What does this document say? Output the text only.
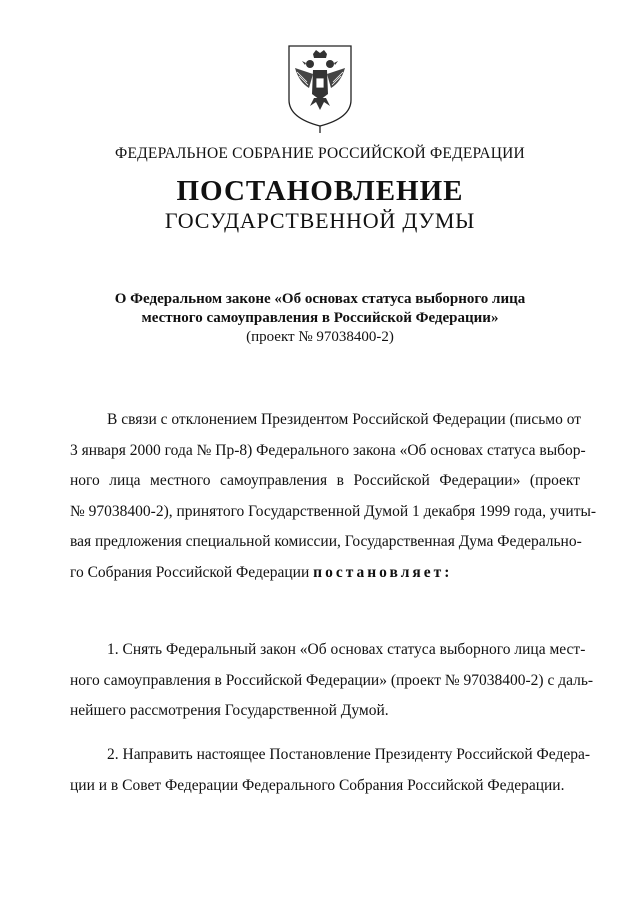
ФЕДЕРАЛЬНОЕ СОБРАНИЕ РОССИЙСКОЙ ФЕДЕРАЦИИ
ПОСТАНОВЛЕНИЕ
ГОСУДАРСТВЕННОЙ ДУМЫ
О Федеральном законе «Об основах статуса выборного лица
местного самоуправления в Российской Федерации»
(проект № 97038400-2)
В связи с отклонением Президентом Российской Федерации (письмо от
3 января 2000 года № Пр-8) Федерального закона «Об основах статуса выбор-
ного лица местного самоуправления в Российской Федерации» (проект
№ 97038400-2), принятого Государственной Думой 1 декабря 1999 года, учиты-
вая предложения специальной комиссии, Государственная Дума Федерально-
го Собрания Российской Федерации постановляет:
1. Снять Федеральный закон «Об основах статуса выборного лица мест-
ного самоуправления в Российской Федерации» (проект № 97038400-2) с даль-
нейшего рассмотрения Государственной Думой.
2. Направить настоящее Постановление Президенту Российской Федера-
ции и в Совет Федерации Федерального Собрания Российской Федерации.
